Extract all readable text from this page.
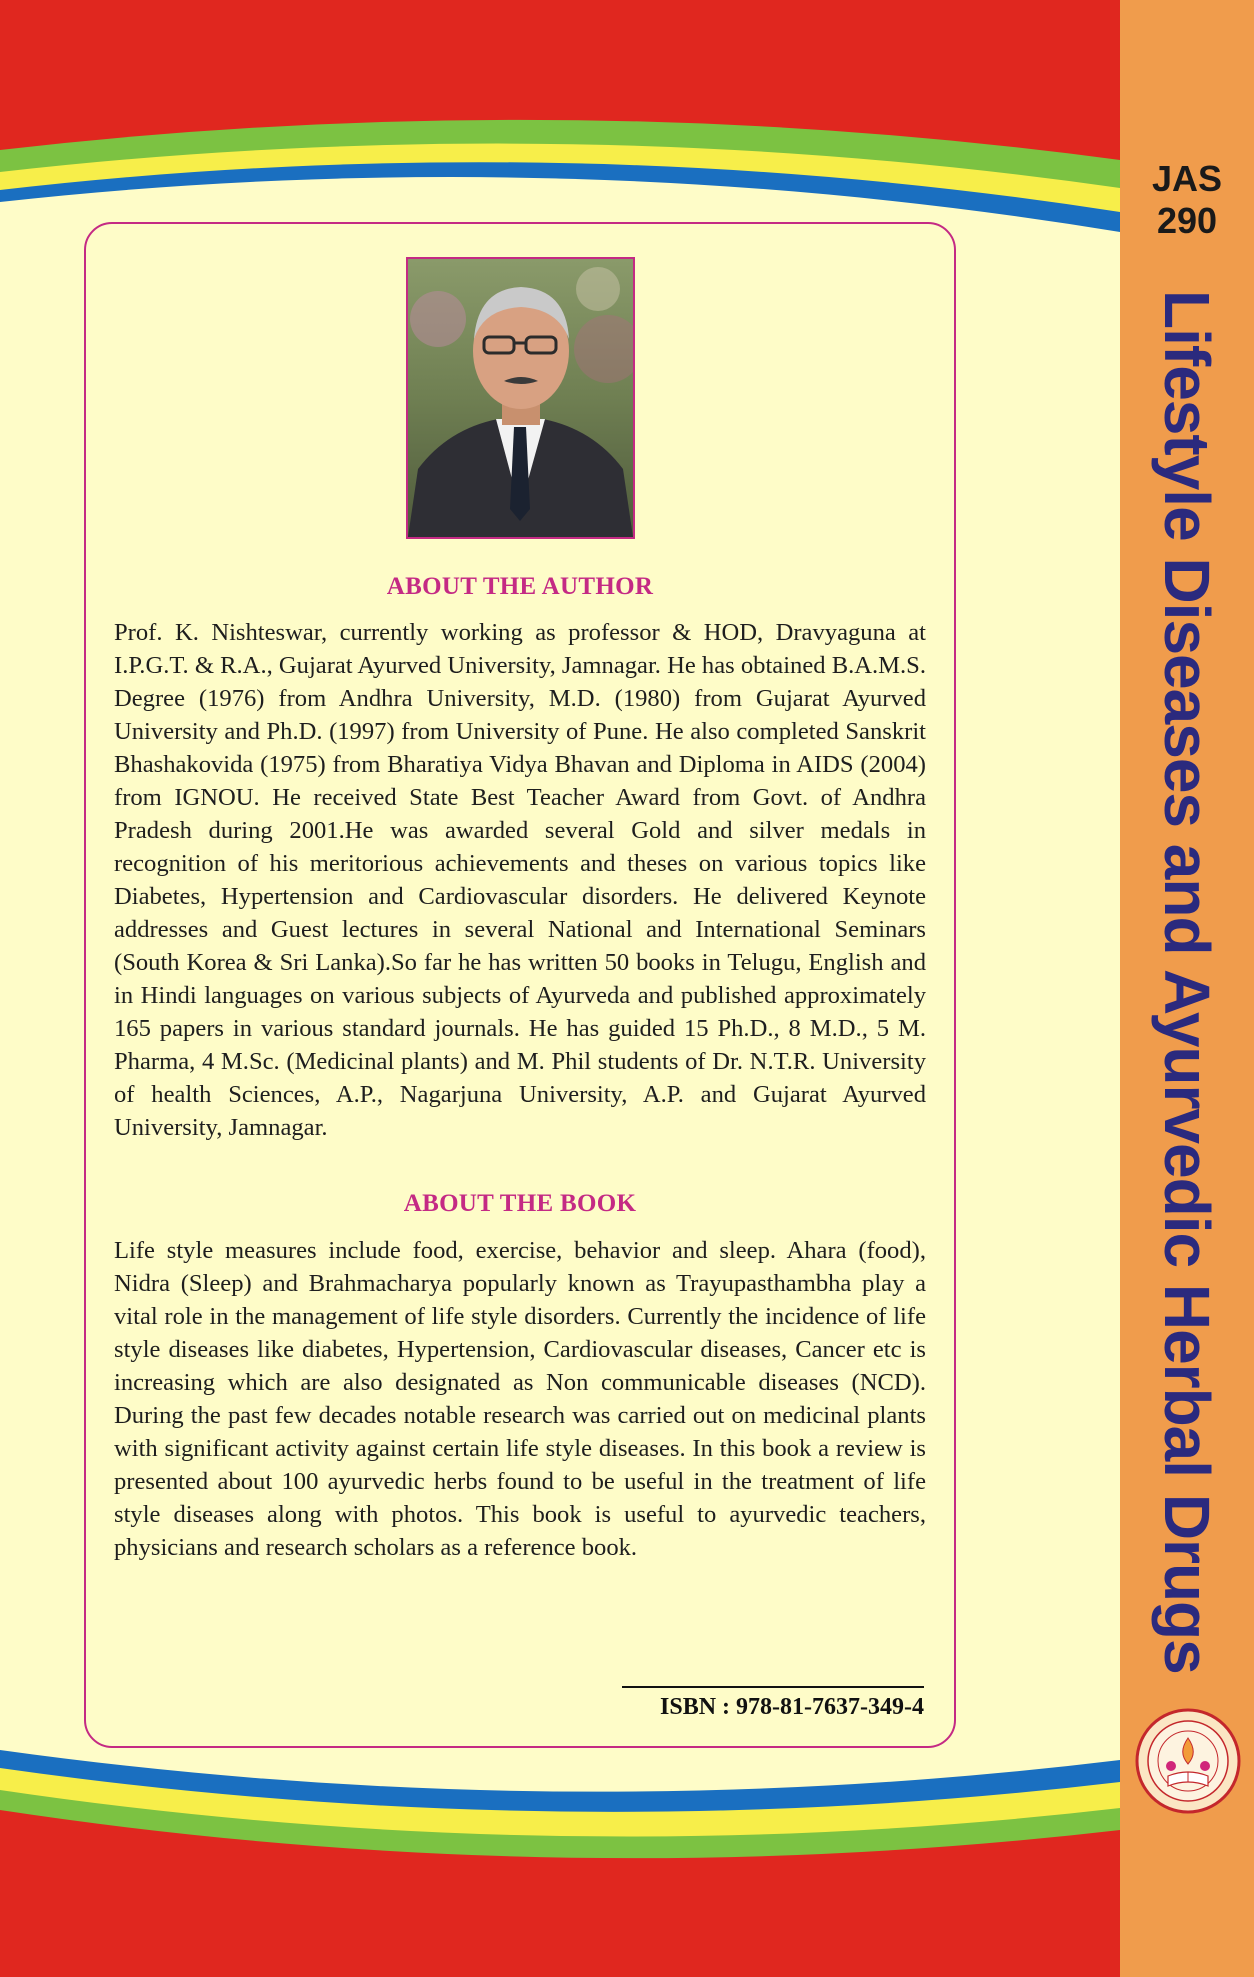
JAS
290
Lifestyle Diseases and Ayurvedic Herbal Drugs
ABOUT THE AUTHOR

Prof. K. Nishteswar, currently working as professor & HOD, Dravyaguna at I.P.G.T. & R.A., Gujarat Ayurved University, Jamnagar. He has obtained B.A.M.S. Degree (1976) from Andhra University, M.D. (1980) from Gujarat Ayurved University and Ph.D. (1997) from University of Pune. He also completed Sanskrit Bhashakovida (1975) from Bharatiya Vidya Bhavan and Diploma in AIDS (2004) from IGNOU. He received State Best Teacher Award from Govt. of Andhra Pradesh during 2001.He was awarded several Gold and silver medals in recognition of his meritorious achievements and theses on various topics like Diabetes, Hypertension and Cardiovascular disorders. He delivered Keynote addresses and Guest lectures in several National and International Seminars (South Korea & Sri Lanka).So far he has written 50 books in Telugu, English and in Hindi languages on various subjects of Ayurveda and published approximately 165 papers in various standard journals. He has guided 15 Ph.D., 8 M.D., 5 M. Pharma, 4 M.Sc. (Medicinal plants) and M. Phil students of Dr. N.T.R. University of health Sciences, A.P., Nagarjuna University, A.P. and Gujarat Ayurved University, Jamnagar.

ABOUT THE BOOK

Life style measures include food, exercise, behavior and sleep. Ahara (food), Nidra (Sleep) and Brahmacharya popularly known as Trayupasthambha play a vital role in the management of life style disorders. Currently the incidence of life style diseases like diabetes, Hypertension, Cardiovascular diseases, Cancer etc is increasing which are also designated as Non communicable diseases (NCD). During the past few decades notable research was carried out on medicinal plants with significant activity against certain life style diseases. In this book a review is presented about 100 ayurvedic herbs found to be useful in the treatment of life style diseases along with photos. This book is useful to ayurvedic teachers, physicians and research scholars as a reference book.

ISBN : 978-81-7637-349-4
